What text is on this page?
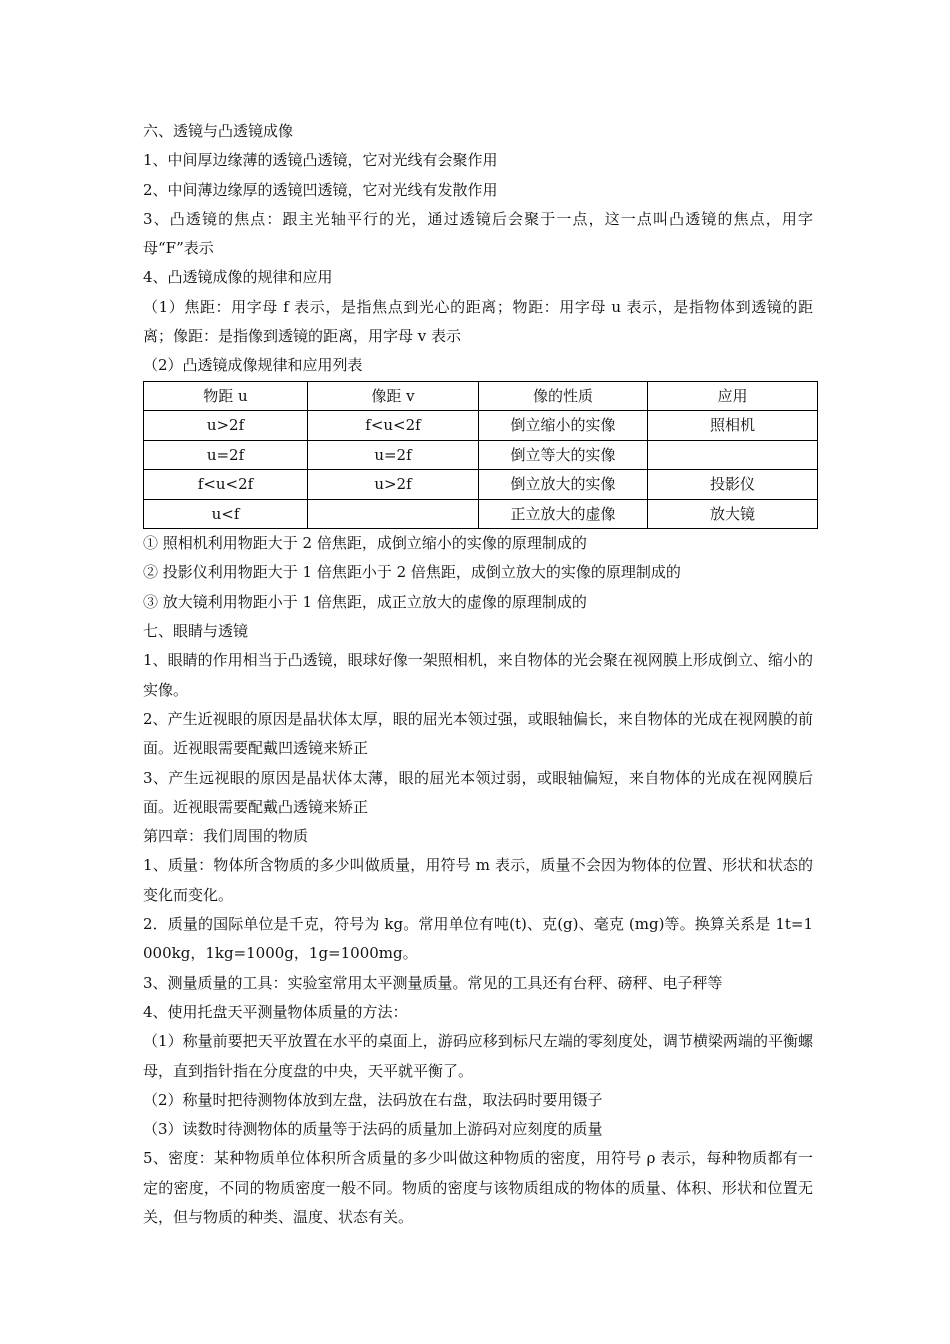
六、透镜与凸透镜成像

1、中间厚边缘薄的透镜凸透镜，它对光线有会聚作用

2、中间薄边缘厚的透镜凹透镜，它对光线有发散作用

3、凸透镜的焦点：跟主光轴平行的光，通过透镜后会聚于一点，这一点叫凸透镜的焦点，用字母“F”表示

4、凸透镜成像的规律和应用

（1）焦距：用字母 f 表示，是指焦点到光心的距离；物距：用字母 u 表示，是指物体到透镜的距离；像距：是指像到透镜的距离，用字母 v 表示

（2）凸透镜成像规律和应用列表

物距 u	像距 v	像的性质	应用
u>2f	f<u<2f	倒立缩小的实像	照相机
u=2f	u=2f	倒立等大的实像	
f<u<2f	u>2f	倒立放大的实像	投影仪
u<f		正立放大的虚像	放大镜

① 照相机利用物距大于 2 倍焦距，成倒立缩小的实像的原理制成的

② 投影仪利用物距大于 1 倍焦距小于 2 倍焦距，成倒立放大的实像的原理制成的

③ 放大镜利用物距小于 1 倍焦距，成正立放大的虚像的原理制成的

七、眼睛与透镜

1、眼睛的作用相当于凸透镜，眼球好像一架照相机，来自物体的光会聚在视网膜上形成倒立、缩小的实像。

2、产生近视眼的原因是晶状体太厚，眼的屈光本领过强，或眼轴偏长，来自物体的光成在视网膜的前面。近视眼需要配戴凹透镜来矫正

3、产生远视眼的原因是晶状体太薄，眼的屈光本领过弱，或眼轴偏短，来自物体的光成在视网膜后面。近视眼需要配戴凸透镜来矫正

第四章：我们周围的物质

1、质量：物体所含物质的多少叫做质量，用符号 m 表示，质量不会因为物体的位置、形状和状态的变化而变化。

2．质量的国际单位是千克，符号为 kg。常用单位有吨(t)、克(g)、毫克 (mg)等。换算关系是 1t=1000kg，1kg=1000g，1g=1000mg。

3、测量质量的工具：实验室常用太平测量质量。常见的工具还有台秤、磅秤、电子秤等

4、使用托盘天平测量物体质量的方法：

（1）称量前要把天平放置在水平的桌面上，游码应移到标尺左端的零刻度处，调节横梁两端的平衡螺母，直到指针指在分度盘的中央，天平就平衡了。

（2）称量时把待测物体放到左盘，法码放在右盘，取法码时要用镊子

（3）读数时待测物体的质量等于法码的质量加上游码对应刻度的质量

5、密度：某种物质单位体积所含质量的多少叫做这种物质的密度，用符号 ρ 表示，每种物质都有一定的密度，不同的物质密度一般不同。物质的密度与该物质组成的物体的质量、体积、形状和位置无关，但与物质的种类、温度、状态有关。
